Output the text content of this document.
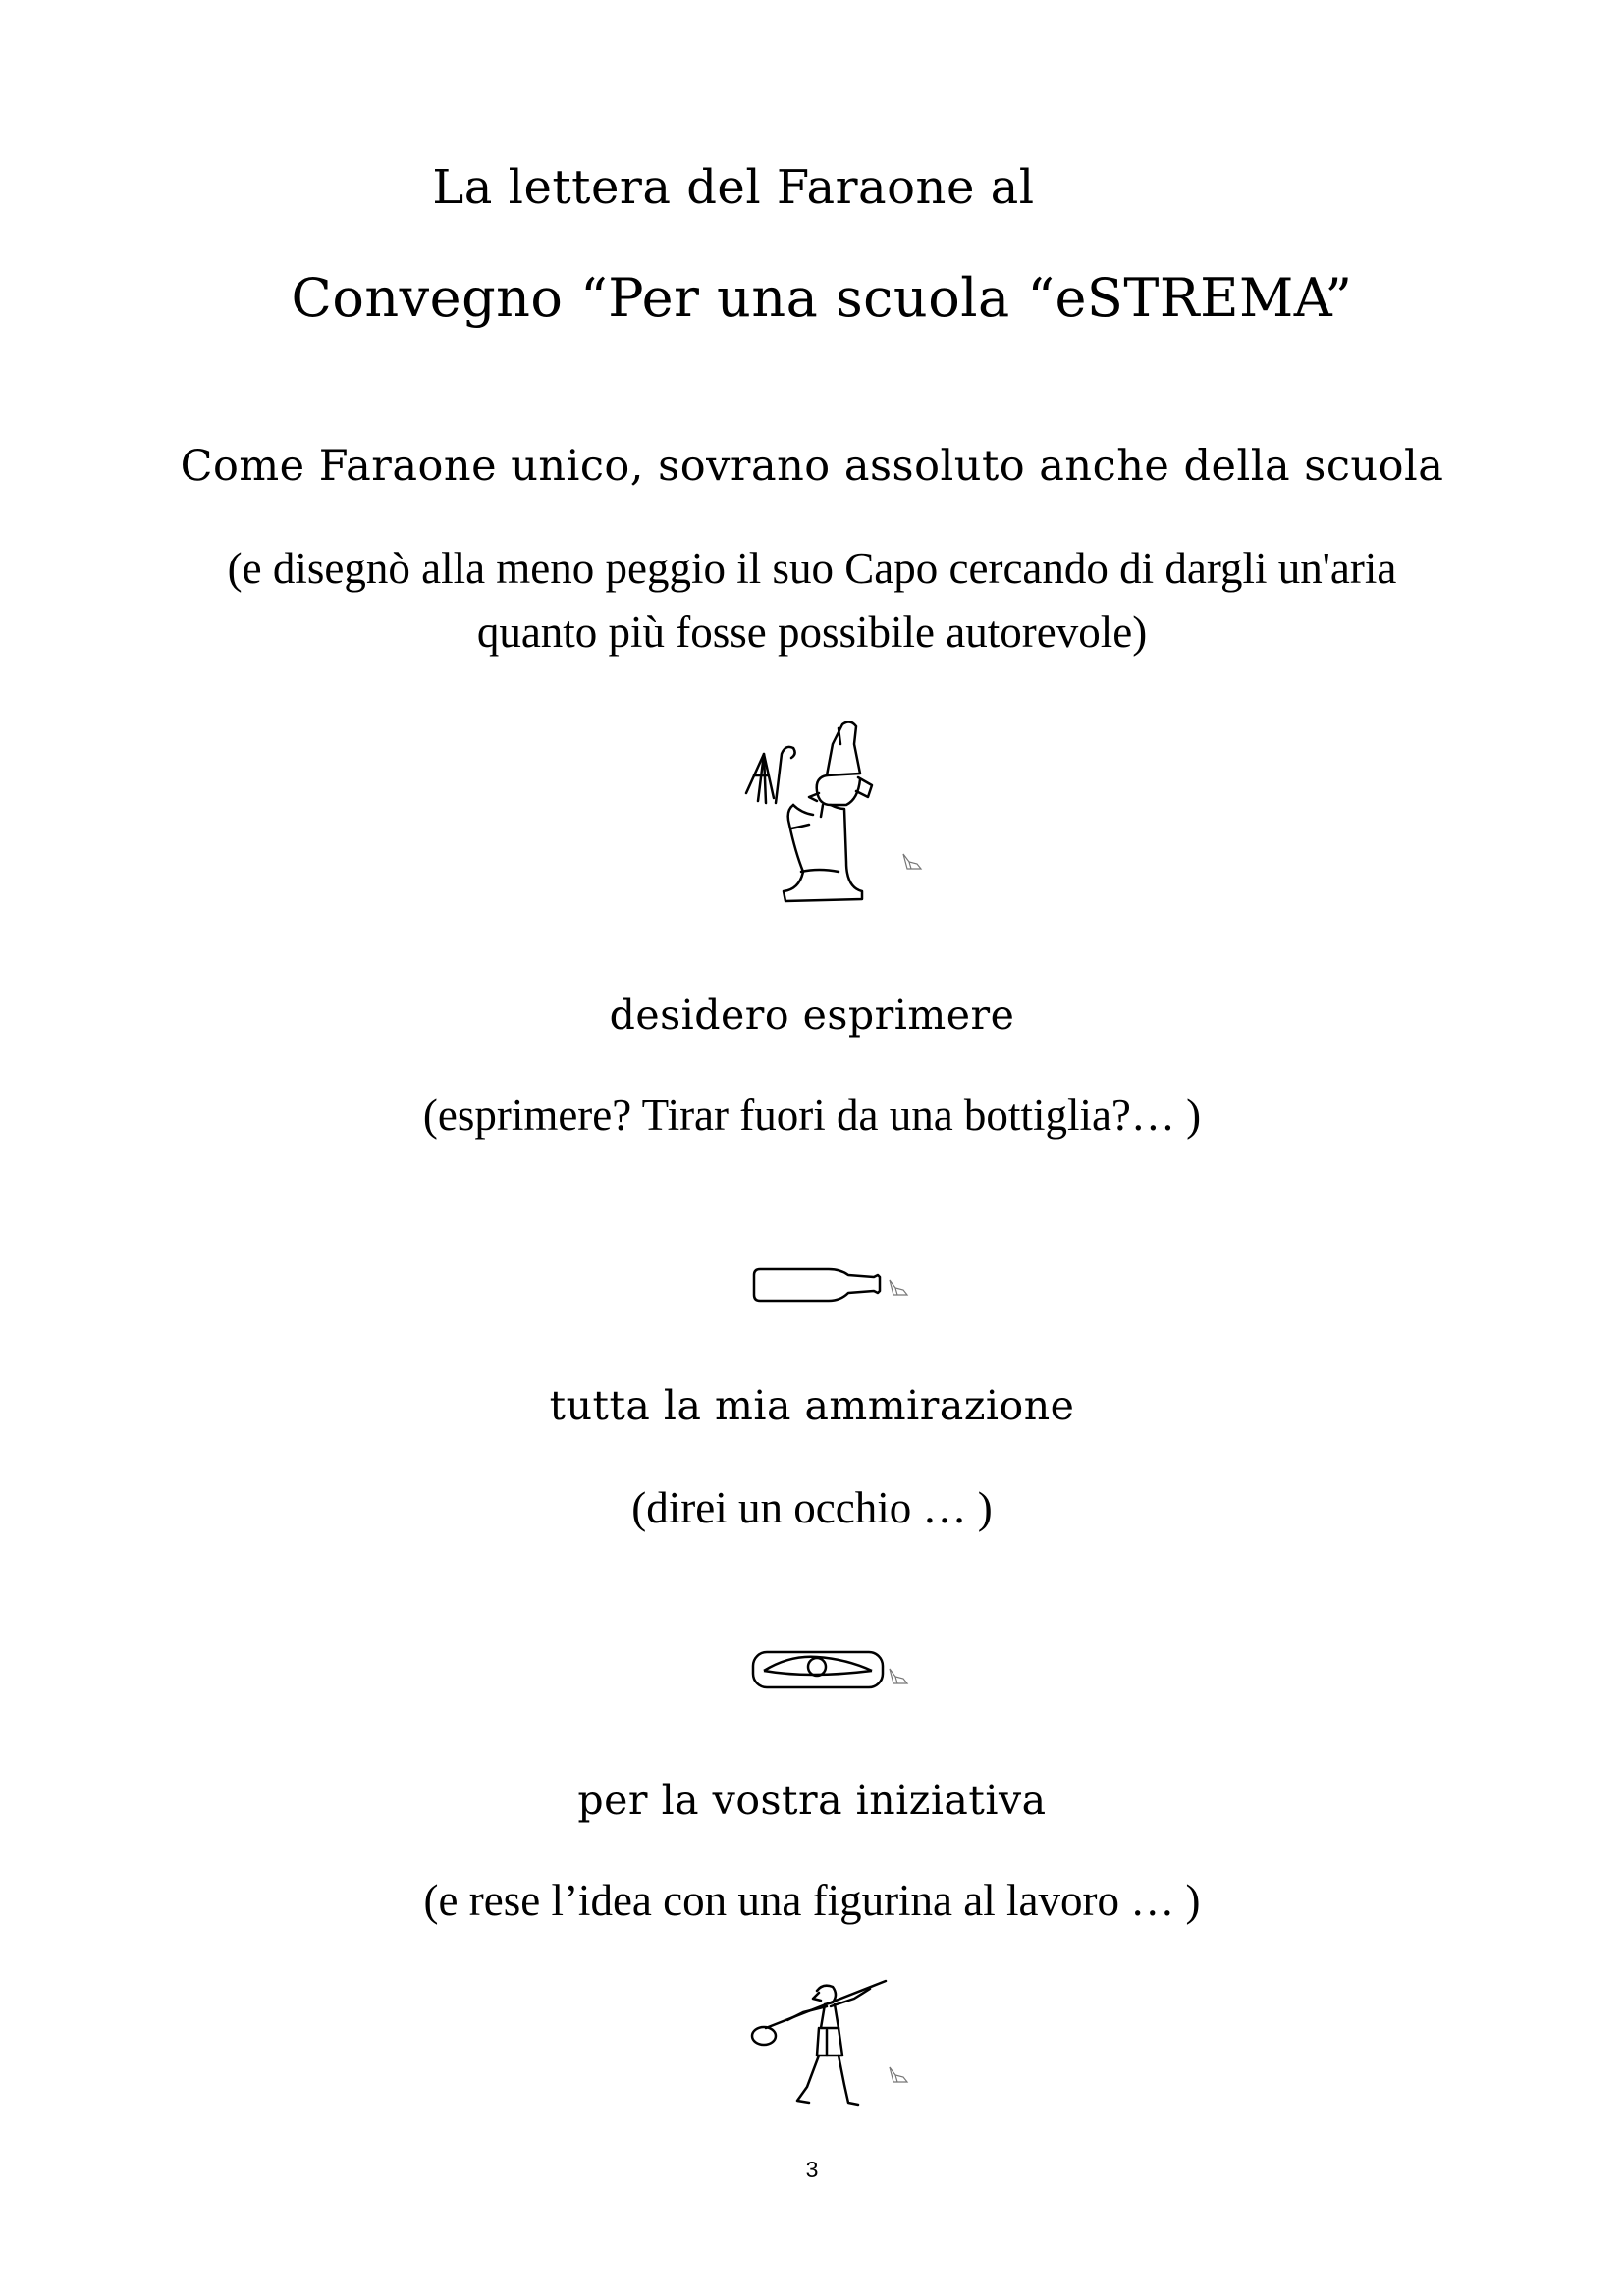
La lettera del Faraone al

Convegno “Per una scuola “eSTREMA”

Come Faraone unico, sovrano assoluto anche della scuola

(e disegnò alla meno peggio il suo Capo cercando di dargli un'aria

quanto più fosse possibile autorevole)

desidero esprimere

(esprimere? Tirar fuori da una bottiglia?… )

tutta la mia ammirazione

(direi un occhio … )

per la vostra iniziativa

(e rese l’idea con una figurina al lavoro … )

3
